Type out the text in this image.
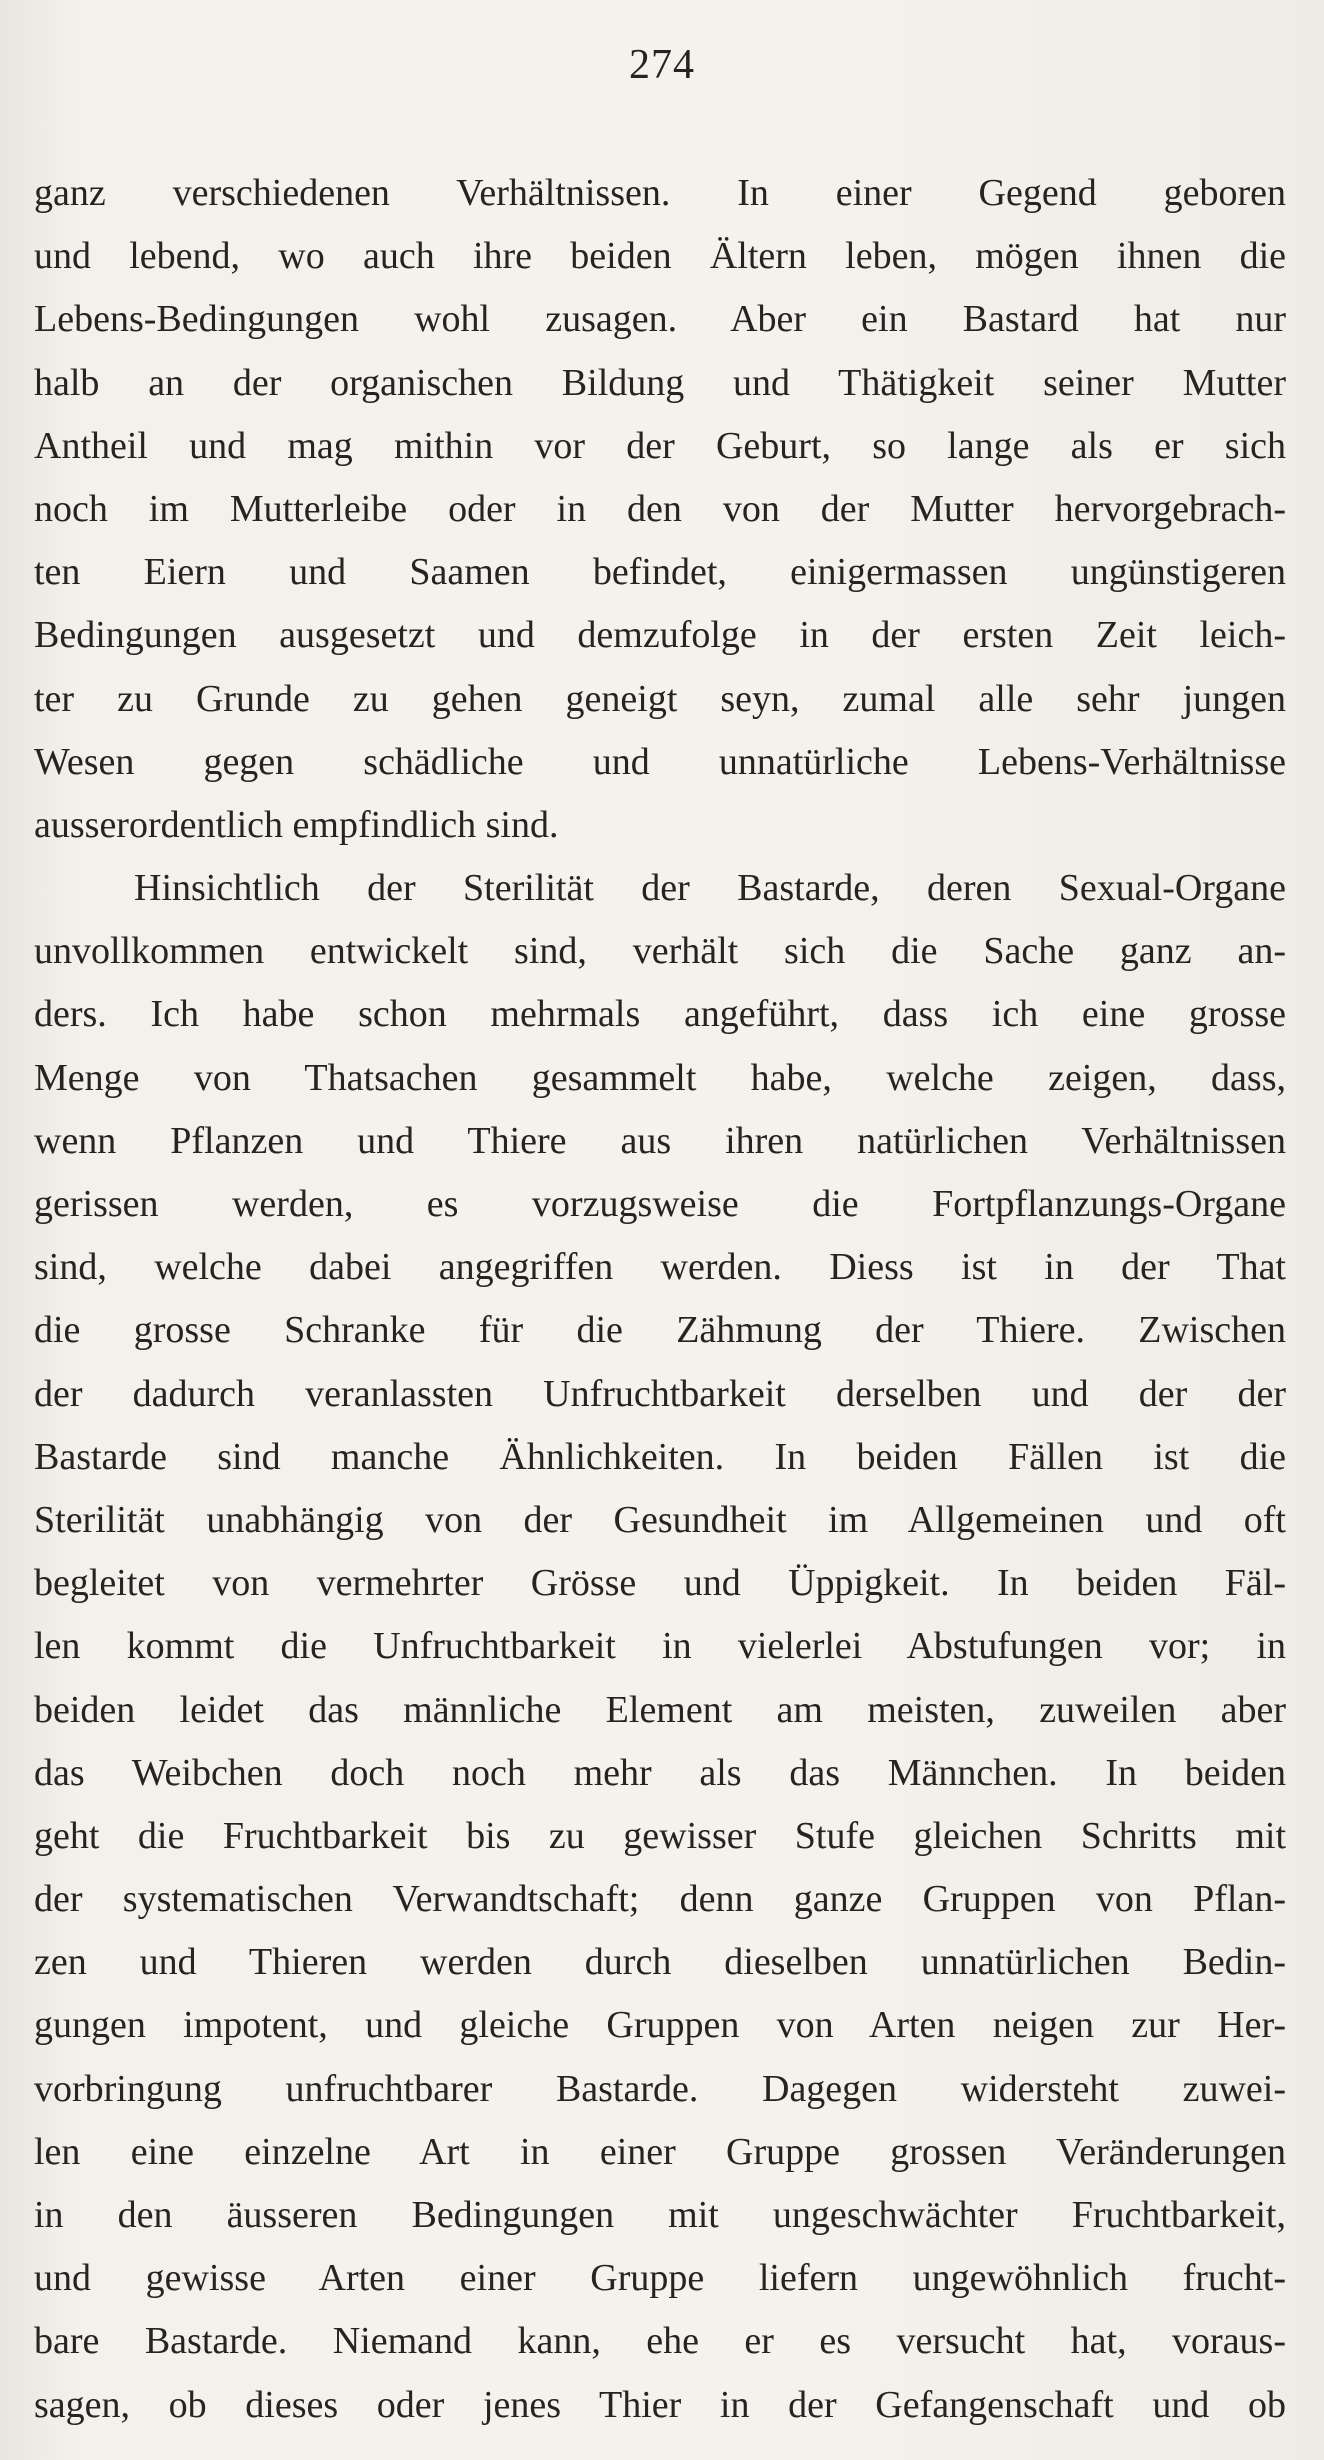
274
ganz verschiedenen Verhältnissen. In einer Gegend geboren
und lebend, wo auch ihre beiden Ältern leben, mögen ihnen die
Lebens-Bedingungen wohl zusagen. Aber ein Bastard hat nur
halb an der organischen Bildung und Thätigkeit seiner Mutter
Antheil und mag mithin vor der Geburt, so lange als er sich
noch im Mutterleibe oder in den von der Mutter hervorgebrach-
ten Eiern und Saamen befindet, einigermassen ungünstigeren
Bedingungen ausgesetzt und demzufolge in der ersten Zeit leich-
ter zu Grunde zu gehen geneigt seyn, zumal alle sehr jungen
Wesen gegen schädliche und unnatürliche Lebens-Verhältnisse
ausserordentlich empfindlich sind.
Hinsichtlich der Sterilität der Bastarde, deren Sexual-Organe
unvollkommen entwickelt sind, verhält sich die Sache ganz an-
ders. Ich habe schon mehrmals angeführt, dass ich eine grosse
Menge von Thatsachen gesammelt habe, welche zeigen, dass,
wenn Pflanzen und Thiere aus ihren natürlichen Verhältnissen
gerissen werden, es vorzugsweise die Fortpflanzungs-Organe
sind, welche dabei angegriffen werden. Diess ist in der That
die grosse Schranke für die Zähmung der Thiere. Zwischen
der dadurch veranlassten Unfruchtbarkeit derselben und der der
Bastarde sind manche Ähnlichkeiten. In beiden Fällen ist die
Sterilität unabhängig von der Gesundheit im Allgemeinen und oft
begleitet von vermehrter Grösse und Üppigkeit. In beiden Fäl-
len kommt die Unfruchtbarkeit in vielerlei Abstufungen vor; in
beiden leidet das männliche Element am meisten, zuweilen aber
das Weibchen doch noch mehr als das Männchen. In beiden
geht die Fruchtbarkeit bis zu gewisser Stufe gleichen Schritts mit
der systematischen Verwandtschaft; denn ganze Gruppen von Pflan-
zen und Thieren werden durch dieselben unnatürlichen Bedin-
gungen impotent, und gleiche Gruppen von Arten neigen zur Her-
vorbringung unfruchtbarer Bastarde. Dagegen widersteht zuwei-
len eine einzelne Art in einer Gruppe grossen Veränderungen
in den äusseren Bedingungen mit ungeschwächter Fruchtbarkeit,
und gewisse Arten einer Gruppe liefern ungewöhnlich frucht-
bare Bastarde. Niemand kann, ehe er es versucht hat, voraus-
sagen, ob dieses oder jenes Thier in der Gefangenschaft und ob
